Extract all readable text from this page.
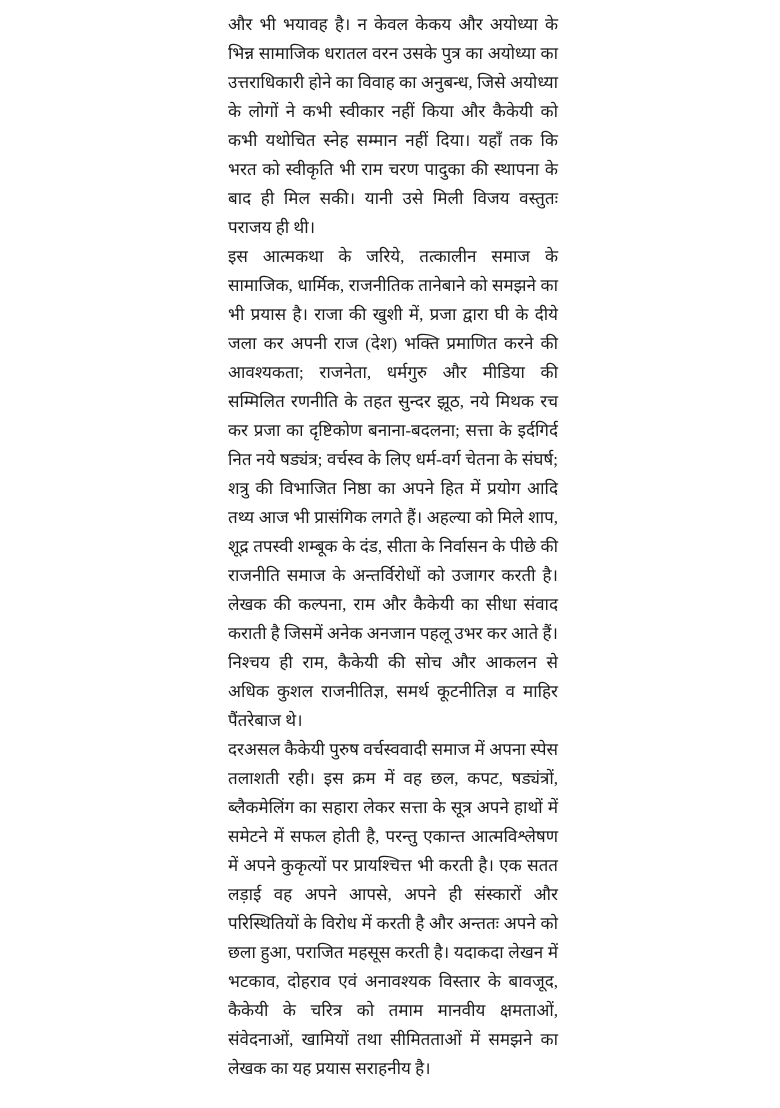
और भी भयावह है। न केवल केकय और अयोध्या के भिन्न सामाजिक धरातल वरन उसके पुत्र का अयोध्या का उत्तराधिकारी होने का विवाह का अनुबन्ध, जिसे अयोध्या के लोगों ने कभी स्वीकार नहीं किया और कैकेयी को कभी यथोचित स्नेह सम्मान नहीं दिया। यहाँ तक कि भरत को स्वीकृति भी राम चरण पादुका की स्थापना के बाद ही मिल सकी। यानी उसे मिली विजय वस्तुतः पराजय ही थी।

इस आत्मकथा के जरिये, तत्कालीन समाज के सामाजिक, धार्मिक, राजनीतिक तानेबाने को समझने का भी प्रयास है। राजा की खुशी में, प्रजा द्वारा घी के दीये जला कर अपनी राज (देश) भक्ति प्रमाणित करने की आवश्यकता; राजनेता, धर्मगुरु और मीडिया की सम्मिलित रणनीति के तहत सुन्दर झूठ, नये मिथक रच कर प्रजा का दृष्टिकोण बनाना-बदलना; सत्ता के इर्दगिर्द नित नये षड्यंत्र; वर्चस्व के लिए धर्म-वर्ग चेतना के संघर्ष; शत्रु की विभाजित निष्ठा का अपने हित में प्रयोग आदि तथ्य आज भी प्रासंगिक लगते हैं। अहल्या को मिले शाप, शूद्र तपस्वी शम्बूक के दंड, सीता के निर्वासन के पीछे की राजनीति समाज के अन्तर्विरोधों को उजागर करती है। लेखक की कल्पना, राम और कैकेयी का सीधा संवाद कराती है जिसमें अनेक अनजान पहलू उभर कर आते हैं। निश्चय ही राम, कैकेयी की सोच और आकलन से अधिक कुशल राजनीतिज्ञ, समर्थ कूटनीतिज्ञ व माहिर पैंतरेबाज थे।

दरअसल कैकेयी पुरुष वर्चस्ववादी समाज में अपना स्पेस तलाशती रही। इस क्रम में वह छल, कपट, षड्यंत्रों, ब्लैकमेलिंग का सहारा लेकर सत्ता के सूत्र अपने हाथों में समेटने में सफल होती है, परन्तु एकान्त आत्मविश्लेषण में अपने कुकृत्यों पर प्रायश्चित्त भी करती है। एक सतत लड़ाई वह अपने आपसे, अपने ही संस्कारों और परिस्थितियों के विरोध में करती है और अन्ततः अपने को छला हुआ, पराजित महसूस करती है। यदाकदा लेखन में भटकाव, दोहराव एवं अनावश्यक विस्तार के बावजूद, कैकेयी के चरित्र को तमाम मानवीय क्षमताओं, संवेदनाओं, खामियों तथा सीमितताओं में समझने का लेखक का यह प्रयास सराहनीय है।
